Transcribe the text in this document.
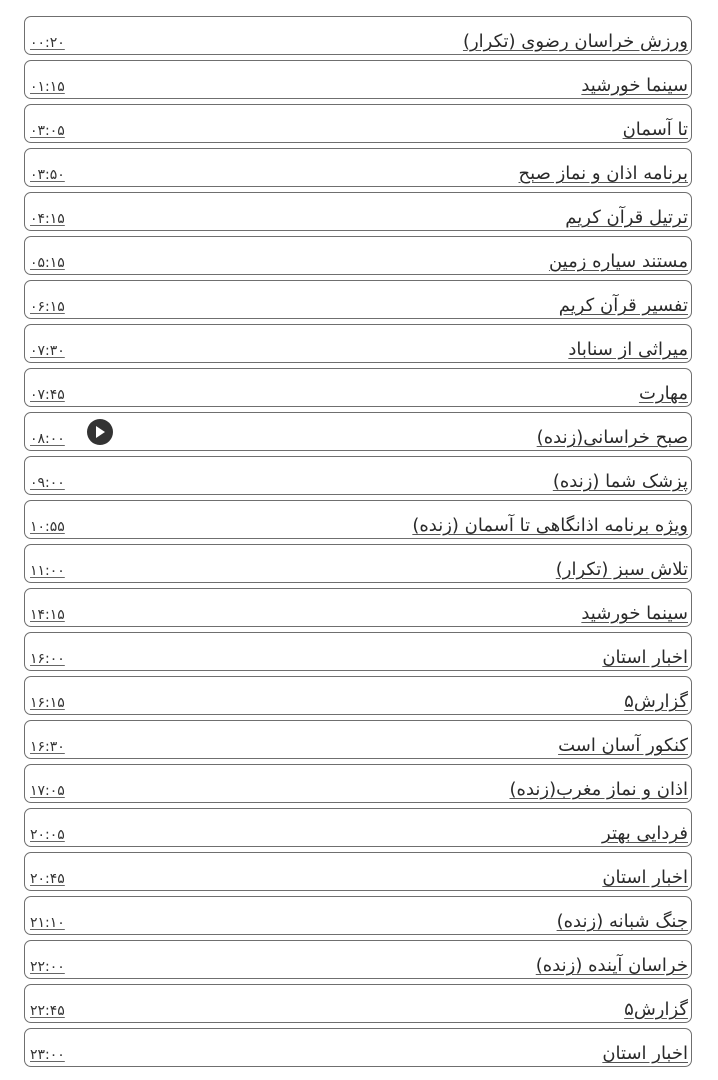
۰۰:۲۰	ورزش خراسان رضوی (تکرار)
۰۱:۱۵	سینما خورشید
۰۳:۰۵	تا آسمان
۰۳:۵۰	برنامه اذان و نماز صبح
۰۴:۱۵	ترتیل قرآن کریم
۰۵:۱۵	مستند سیاره زمین
۰۶:۱۵	تفسیر قرآن کریم
۰۷:۳۰	میراثی از سناباد
۰۷:۴۵	مهارت
۰۸:۰۰	صبح خراسانی(زنده)
۰۹:۰۰	پزشک شما (زنده)
۱۰:۵۵	ویژه برنامه اذانگاهی تا آسمان (زنده)
۱۱:۰۰	تلاش سبز (تکرار)
۱۴:۱۵	سینما خورشید
۱۶:۰۰	اخبار استان
۱۶:۱۵	گزارش۵
۱۶:۳۰	کنکور آسان است
۱۷:۰۵	اذان و نماز مغرب(زنده)
۲۰:۰۵	فردایی بهتر
۲۰:۴۵	اخبار استان
۲۱:۱۰	جنگ شبانه (زنده)
۲۲:۰۰	خراسان آینده (زنده)
۲۲:۴۵	گزارش۵
۲۳:۰۰	اخبار استان
